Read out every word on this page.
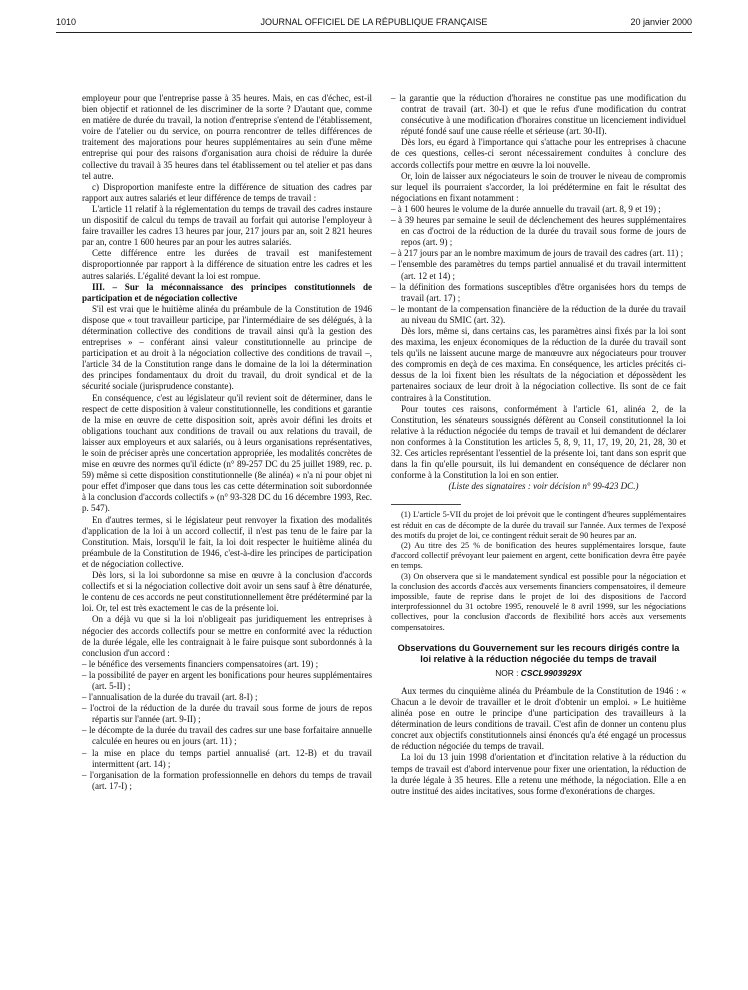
1010	JOURNAL OFFICIEL DE LA RÉPUBLIQUE FRANÇAISE	20 janvier 2000

employeur pour que l'entreprise passe à 35 heures. Mais, en cas d'échec, est-il bien objectif et rationnel de les discriminer de la sorte ? D'autant que, comme en matière de durée du travail, la notion d'entreprise s'entend de l'établissement, voire de l'atelier ou du service, on pourra rencontrer de telles différences de traitement des majorations pour heures supplémentaires au sein d'une même entreprise qui pour des raisons d'organisation aura choisi de réduire la durée collective du travail à 35 heures dans tel établissement ou tel atelier et pas dans tel autre.

c) Disproportion manifeste entre la différence de situation des cadres par rapport aux autres salariés et leur différence de temps de travail :

L'article 11 relatif à la réglementation du temps de travail des cadres instaure un dispositif de calcul du temps de travail au forfait qui autorise l'employeur à faire travailler les cadres 13 heures par jour, 217 jours par an, soit 2 821 heures par an, contre 1 600 heures par an pour les autres salariés.

Cette différence entre les durées de travail est manifestement disproportionnée par rapport à la différence de situation entre les cadres et les autres salariés. L'égalité devant la loi est rompue.

III. – Sur la méconnaissance des principes constitutionnels de participation et de négociation collective

S'il est vrai que le huitième alinéa du préambule de la Constitution de 1946 dispose que « tout travailleur participe, par l'intermédiaire de ses délégués, à la détermination collective des conditions de travail ainsi qu'à la gestion des entreprises » – conférant ainsi valeur constitutionnelle au principe de participation et au droit à la négociation collective des conditions de travail –, l'article 34 de la Constitution range dans le domaine de la loi la détermination des principes fondamentaux du droit du travail, du droit syndical et de la sécurité sociale (jurisprudence constante).

En conséquence, c'est au législateur qu'il revient soit de déterminer, dans le respect de cette disposition à valeur constitutionnelle, les conditions et garantie de la mise en œuvre de cette disposition soit, après avoir défini les droits et obligations touchant aux conditions de travail ou aux relations du travail, de laisser aux employeurs et aux salariés, ou à leurs organisations représentatives, le soin de préciser après une concertation appropriée, les modalités concrètes de mise en œuvre des normes qu'il édicte (n° 89-257 DC du 25 juillet 1989, rec. p. 59) même si cette disposition constitutionnelle (8e alinéa) « n'a ni pour objet ni pour effet d'imposer que dans tous les cas cette détermination soit subordonnée à la conclusion d'accords collectifs » (n° 93-328 DC du 16 décembre 1993, Rec. p. 547).

En d'autres termes, si le législateur peut renvoyer la fixation des modalités d'application de la loi à un accord collectif, il n'est pas tenu de le faire par la Constitution. Mais, lorsqu'il le fait, la loi doit respecter le huitième alinéa du préambule de la Constitution de 1946, c'est-à-dire les principes de participation et de négociation collective.

Dès lors, si la loi subordonne sa mise en œuvre à la conclusion d'accords collectifs et si la négociation collective doit avoir un sens sauf à être dénaturée, le contenu de ces accords ne peut constitutionnellement être prédéterminé par la loi. Or, tel est très exactement le cas de la présente loi.

On a déjà vu que si la loi n'obligeait pas juridiquement les entreprises à négocier des accords collectifs pour se mettre en conformité avec la réduction de la durée légale, elle les contraignait à le faire puisque sont subordonnés à la conclusion d'un accord :

– le bénéfice des versements financiers compensatoires (art. 19) ;
– la possibilité de payer en argent les bonifications pour heures supplémentaires (art. 5-II) ;
– l'annualisation de la durée du travail (art. 8-I) ;
– l'octroi de la réduction de la durée du travail sous forme de jours de repos répartis sur l'année (art. 9-II) ;
– le décompte de la durée du travail des cadres sur une base forfaitaire annuelle calculée en heures ou en jours (art. 11) ;
– la mise en place du temps partiel annualisé (art. 12-B) et du travail intermittent (art. 14) ;
– l'organisation de la formation professionnelle en dehors du temps de travail (art. 17-I) ;
– la garantie que la réduction d'horaires ne constitue pas une modification du contrat de travail (art. 30-I) et que le refus d'une modification du contrat consécutive à une modification d'horaires constitue un licenciement individuel réputé fondé sauf une cause réelle et sérieuse (art. 30-II).

Dès lors, eu égard à l'importance qui s'attache pour les entreprises à chacune de ces questions, celles-ci seront nécessairement conduites à conclure des accords collectifs pour mettre en œuvre la loi nouvelle.

Or, loin de laisser aux négociateurs le soin de trouver le niveau de compromis sur lequel ils pourraient s'accorder, la loi prédétermine en fait le résultat des négociations en fixant notamment :

– à 1 600 heures le volume de la durée annuelle du travail (art. 8, 9 et 19) ;
– à 39 heures par semaine le seuil de déclenchement des heures supplémentaires en cas d'octroi de la réduction de la durée du travail sous forme de jours de repos (art. 9) ;
– à 217 jours par an le nombre maximum de jours de travail des cadres (art. 11) ;
– l'ensemble des paramètres du temps partiel annualisé et du travail intermittent (art. 12 et 14) ;
– la définition des formations susceptibles d'être organisées hors du temps de travail (art. 17) ;
– le montant de la compensation financière de la réduction de la durée du travail au niveau du SMIC (art. 32).

Dès lors, même si, dans certains cas, les paramètres ainsi fixés par la loi sont des maxima, les enjeux économiques de la réduction de la durée du travail sont tels qu'ils ne laissent aucune marge de manœuvre aux négociateurs pour trouver des compromis en deçà de ces maxima. En conséquence, les articles précités ci-dessus de la loi fixent bien les résultats de la négociation et dépossèdent les partenaires sociaux de leur droit à la négociation collective. Ils sont de ce fait contraires à la Constitution.

Pour toutes ces raisons, conformément à l'article 61, alinéa 2, de la Constitution, les sénateurs soussignés défèrent au Conseil constitutionnel la loi relative à la réduction négociée du temps de travail et lui demandent de déclarer non conformes à la Constitution les articles 5, 8, 9, 11, 17, 19, 20, 21, 28, 30 et 32. Ces articles représentant l'essentiel de la présente loi, tant dans son esprit que dans la fin qu'elle poursuit, ils lui demandent en conséquence de déclarer non conforme à la Constitution la loi en son entier.

(Liste des signataires : voir décision n° 99-423 DC.)

(1) L'article 5-VII du projet de loi prévoit que le contingent d'heures supplémentaires est réduit en cas de décompte de la durée du travail sur l'année. Aux termes de l'exposé des motifs du projet de loi, ce contingent réduit serait de 90 heures par an.

(2) Au titre des 25 % de bonification des heures supplémentaires lorsque, faute d'accord collectif prévoyant leur paiement en argent, cette bonification devra être payée en temps.

(3) On observera que si le mandatement syndical est possible pour la négociation et la conclusion des accords d'accès aux versements financiers compensatoires, il demeure impossible, faute de reprise dans le projet de loi des dispositions de l'accord interprofessionnel du 31 octobre 1995, renouvelé le 8 avril 1999, sur les négociations collectives, pour la conclusion d'accords de flexibilité hors accès aux versements compensatoires.

Observations du Gouvernement sur les recours dirigés contre la loi relative à la réduction négociée du temps de travail
NOR : CSCL9903929X

Aux termes du cinquième alinéa du Préambule de la Constitution de 1946 : « Chacun a le devoir de travailler et le droit d'obtenir un emploi. » Le huitième alinéa pose en outre le principe d'une participation des travailleurs à la détermination de leurs conditions de travail. C'est afin de donner un contenu plus concret aux objectifs constitutionnels ainsi énoncés qu'a été engagé un processus de réduction négociée du temps de travail.

La loi du 13 juin 1998 d'orientation et d'incitation relative à la réduction du temps de travail est d'abord intervenue pour fixer une orientation, la réduction de la durée légale à 35 heures. Elle a retenu une méthode, la négociation. Elle a en outre institué des aides incitatives, sous forme d'exonérations de charges.
